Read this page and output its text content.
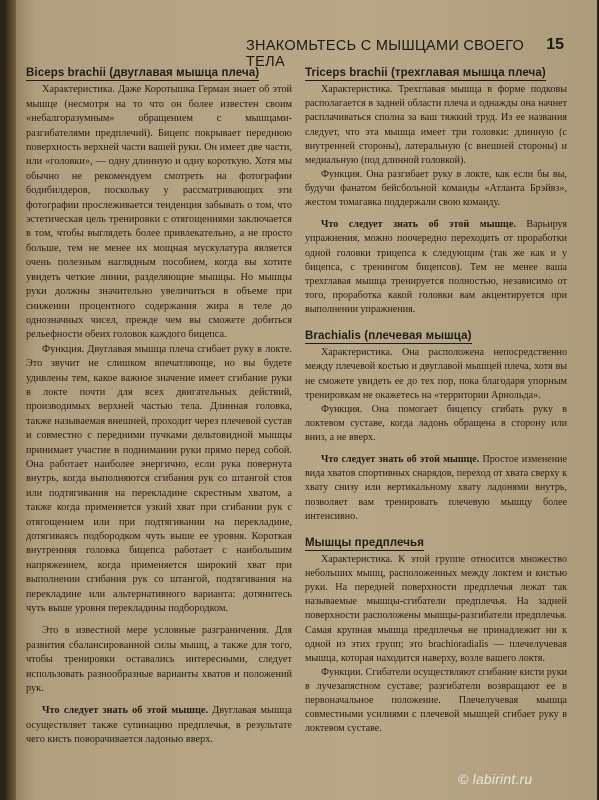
ЗНАКОМЬТЕСЬ С МЫШЦАМИ СВОЕГО ТЕЛА
15
Biceps brachii (двуглавая мышца плеча)

Характеристика. Даже Коротышка Герман знает об этой мышце (несмотря на то что он более известен своим «небалгоразумным» обращением с мышцами-разгибателями предплечий). Бицепс покрывает переднюю поверхность верхней части вашей руки. Он имеет две части, или «головки», — одну длинную и одну короткую. Хотя мы обычно не рекомендуем смотреть на фотографии бодибилдеров, поскольку у рассматривающих эти фотографии прослеживается тенденция забывать о том, что эстетическая цель тренировки с отягощениями заключается в том, чтобы выглядеть более привлекательно, а не просто больше, тем не менее их мощная мускулатура является очень полезным наглядным пособием, когда вы хотите увидеть четкие линии, разделяющие мышцы. Но мышцы руки должны значительно увеличиться в объеме при снижении процентного содержания жира в теле до однозначных чисел, прежде чем вы сможете добиться рельефности обеих головок каждого бицепса.

Функция. Двуглавая мышца плеча сгибает руку в локте. Это звучит не слишком впечатляюще, но вы будете удивлены тем, какое важное значение имеет сгибание руки в локте почти для всех двигательных действий, производимых верхней частью тела. Длинная головка, также называемая внешней, проходит через плечевой сустав и совместно с передними пучками дельтовидной мышцы принимает участие в поднимании руки прямо перед собой. Она работает наиболее энергично, если рука повернута внутрь, когда выполняются сгибания рук со штангой стоя или подтягивания на перекладине скрестным хватом, а также когда применяется узкий хват при сгибании рук с отягощением или при подтягивании на перекладине, дотягиваясь подбородком чуть выше ее уровня. Короткая внутренняя головка бицепса работает с наибольшим напряжением, когда применяется широкий хват при выполнении сгибания рук со штангой, подтягивания на перекладине или альтернативного варианта: дотянитесь чуть выше уровня перекладины подбородком.

Это в известной мере условные разграничения. Для развития сбалансированной силы мышц, а также для того, чтобы тренировки оставались интересными, следует использовать разнообразные варианты хватов и положений рук.

Что следует знать об этой мышце. Двуглавая мышца осуществляет также супинацию предплечья, в результате чего кисть поворачивается ладонью вверх.

Triceps brachii (трехглавая мышца плеча)

Характеристика. Трехглавая мышца в форме подковы располагается в задней области плеча и однажды она начнет расплачиваться сполна за ваш тяжкий труд. Из ее названия следует, что эта мышца имеет три головки: длинную (с внутренней стороны), латеральную (с внешней стороны) и медиальную (под длинной головкой).

Функция. Она разгибает руку в локте, как если бы вы, будучи фанатом бейсбольной команды «Атланта Брэйвз», жестом томагавка поддержали свою команду.

Что следует знать об этой мышце. Варьируя упражнения, можно поочередно переходить от проработки одной головки трицепса к следующим (так же как и у бицепса, с тренингом бицепсов). Тем не менее ваша трехглавая мышца тренируется полностью, независимо от того, проработка какой головки вам акцентируется при выполнении упражнения.

Brachialis (плечевая мышца)

Характеристика. Она расположена непосредственно между плечевой костью и двуглавой мышцей плеча, хотя вы не сможете увидеть ее до тех пор, пока благодаря упорным тренировкам не окажетесь на «территории Арнольда».

Функция. Она помогает бицепсу сгибать руку в локтевом суставе, когда ладонь обращена в сторону или вниз, а не вверх.

Что следует знать об этой мышце. Простое изменение вида хватов спортивных снарядов, переход от хвата сверху к хвату снизу или вертикальному хвату ладонями внутрь, позволяет вам тренировать плечевую мышцу более интенсивно.

Мышцы предплечья

Характеристика. К этой группе относится множество небольших мышц, расположенных между локтем и кистью руки. На передней поверхности предплечья лежат так называемые мышцы-сгибатели предплечья. На задней поверхности расположены мышцы-разгибатели предплечья. Самая крупная мышца предплечья не принадлежит ни к одной из этих групп; это brachioradialis — плечелучевая мышца, которая находится наверху, возле вашего локтя.

Функции. Сгибатели осуществляют сгибание кисти руки в лучезапястном суставе; разгибатели возвращают ее в первоначальное положение. Плечелучевая мышца совместными усилиями с плечевой мышцей сгибает руку в локтевом суставе.

© labirint.ru
